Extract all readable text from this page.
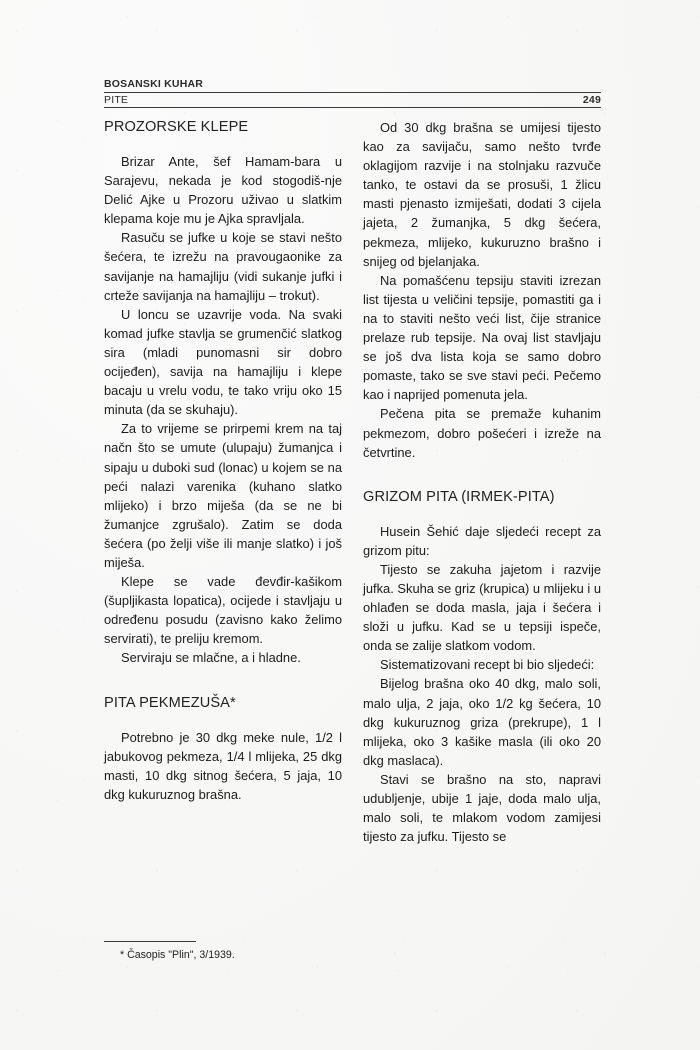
BOSANSKI KUHAR
PITE	249
PROZORSKE KLEPE

Brizar Ante, šef Hamam-bara u Sarajevu, nekada je kod stogodiš-nje Delić Ajke u Prozoru uživao u slatkim klepama koje mu je Ajka spravljala.

Rasuču se jufke u koje se stavi nešto šećera, te izrežu na pravougaonike za savijanje na hamajliju (vidi sukanje jufki i crteže savijanja na hamajliju – trokut).

U loncu se uzavrije voda. Na svaki komad jufke stavlja se grumenčić slatkog sira (mladi punomasni sir dobro ocijeđen), savija na hamajliju i klepe bacaju u vrelu vodu, te tako vriju oko 15 minuta (da se skuhaju).

Za to vrijeme se prirpemi krem na taj načn što se umute (ulupaju) žumanjca i sipaju u duboki sud (lonac) u kojem se na peći nalazi varenika (kuhano slatko mlijeko) i brzo miješa (da se ne bi žumanjce zgrušalo). Zatim se doda šećera (po želji više ili manje slatko) i još miješa.

Klepe se vade đevđir-kašikom (šupljikasta lopatica), ocijede i stavljaju u određenu posudu (zavisno kako želimo servirati), te preliju kremom.

Serviraju se mlačne, a i hladne.

PITA PEKMEZUŠA*

Potrebno je 30 dkg meke nule, 1/2 l jabukovog pekmeza, 1/4 l mlijeka, 25 dkg masti, 10 dkg sitnog šećera, 5 jaja, 10 dkg kukuruznog brašna.

Od 30 dkg brašna se umijesi tijesto kao za savijaču, samo nešto tvrđe oklagijom razvije i na stolnjaku razvuče tanko, te ostavi da se prosuši, 1 žlicu masti pjenasto izmiješati, dodati 3 cijela jajeta, 2 žumanjka, 5 dkg šećera, pekmeza, mlijeko, kukuruzno brašno i snijeg od bjelanjaka.

Na pomašćenu tepsiju staviti izrezan list tijesta u veličini tepsije, pomastiti ga i na to staviti nešto veći list, čije stranice prelaze rub tepsije. Na ovaj list stavljaju se još dva lista koja se samo dobro pomaste, tako se sve stavi peći. Pečemo kao i naprijed pomenuta jela.

Pečena pita se premaže kuhanim pekmezom, dobro pošećeri i izreže na četvrtine.

GRIZOM PITA (IRMEK-PITA)

Husein Šehić daje sljedeći recept za grizom pitu:

Tijesto se zakuha jajetom i razvije jufka. Skuha se griz (krupica) u mlijeku i u ohlađen se doda masla, jaja i šećera i složi u jufku. Kad se u tepsiji ispeče, onda se zalije slatkom vodom.

Sistematizovani recept bi bio sljedeći:

Bijelog brašna oko 40 dkg, malo soli, malo ulja, 2 jaja, oko 1/2 kg šećera, 10 dkg kukuruznog griza (prekrupe), 1 l mlijeka, oko 3 kašike masla (ili oko 20 dkg maslaca).

Stavi se brašno na sto, napravi udubljenje, ubije 1 jaje, doda malo ulja, malo soli, te mlakom vodom zamijesi tijesto za jufku. Tijesto se

* Časopis "Plin", 3/1939.
